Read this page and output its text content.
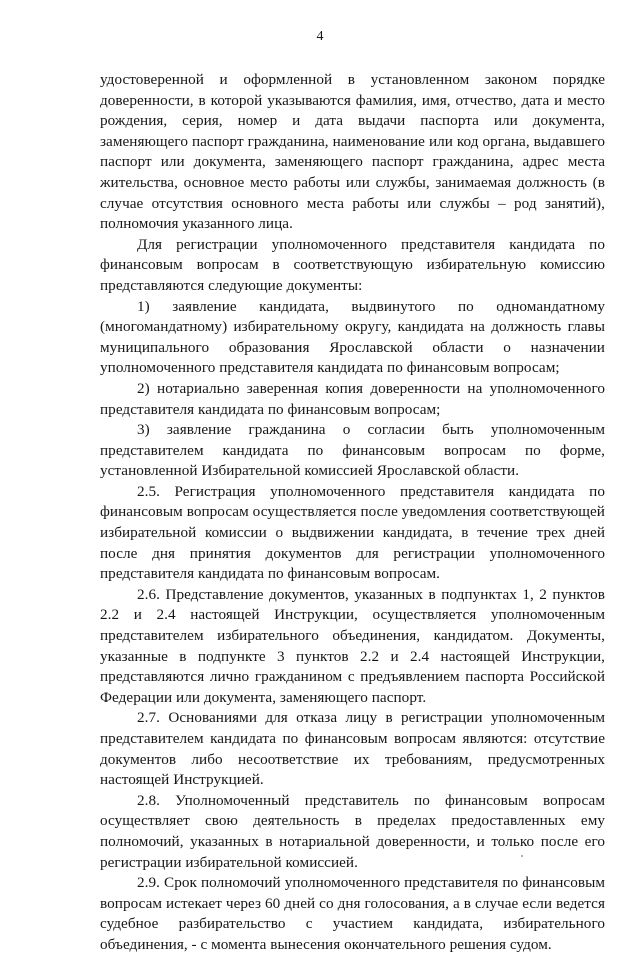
4

удостоверенной и оформленной в установленном законом порядке доверенности, в которой указываются фамилия, имя, отчество, дата и место рождения, серия, номер и дата выдачи паспорта или документа, заменяющего паспорт гражданина, наименование или код органа, выдавшего паспорт или документа, заменяющего паспорт гражданина, адрес места жительства, основное место работы или службы, занимаемая должность (в случае отсутствия основного места работы или службы – род занятий), полномочия указанного лица.

Для регистрации уполномоченного представителя кандидата по финансовым вопросам в соответствующую избирательную комиссию представляются следующие документы:

1) заявление кандидата, выдвинутого по одномандатному (многомандатному) избирательному округу, кандидата на должность главы муниципального образования Ярославской области о назначении уполномоченного представителя кандидата по финансовым вопросам;

2) нотариально заверенная копия доверенности на уполномоченного представителя кандидата по финансовым вопросам;

3) заявление гражданина о согласии быть уполномоченным представителем кандидата по финансовым вопросам по форме, установленной Избирательной комиссией Ярославской области.

2.5. Регистрация уполномоченного представителя кандидата по финансовым вопросам осуществляется после уведомления соответствующей избирательной комиссии о выдвижении кандидата, в течение трех дней после дня принятия документов для регистрации уполномоченного представителя кандидата по финансовым вопросам.

2.6. Представление документов, указанных в подпунктах 1, 2 пунктов 2.2 и 2.4 настоящей Инструкции, осуществляется уполномоченным представителем избирательного объединения, кандидатом. Документы, указанные в подпункте 3 пунктов 2.2 и 2.4 настоящей Инструкции, представляются лично гражданином с предъявлением паспорта Российской Федерации или документа, заменяющего паспорт.

2.7. Основаниями для отказа лицу в регистрации уполномоченным представителем кандидата по финансовым вопросам являются: отсутствие документов либо несоответствие их требованиям, предусмотренных настоящей Инструкцией.

2.8. Уполномоченный представитель по финансовым вопросам осуществляет свою деятельность в пределах предоставленных ему полномочий, указанных в нотариальной доверенности, и только после его регистрации избирательной комиссией.

2.9. Срок полномочий уполномоченного представителя по финансовым вопросам истекает через 60 дней со дня голосования, а в случае если ведется судебное разбирательство с участием кандидата, избирательного объединения, - с момента вынесения окончательного решения судом.
